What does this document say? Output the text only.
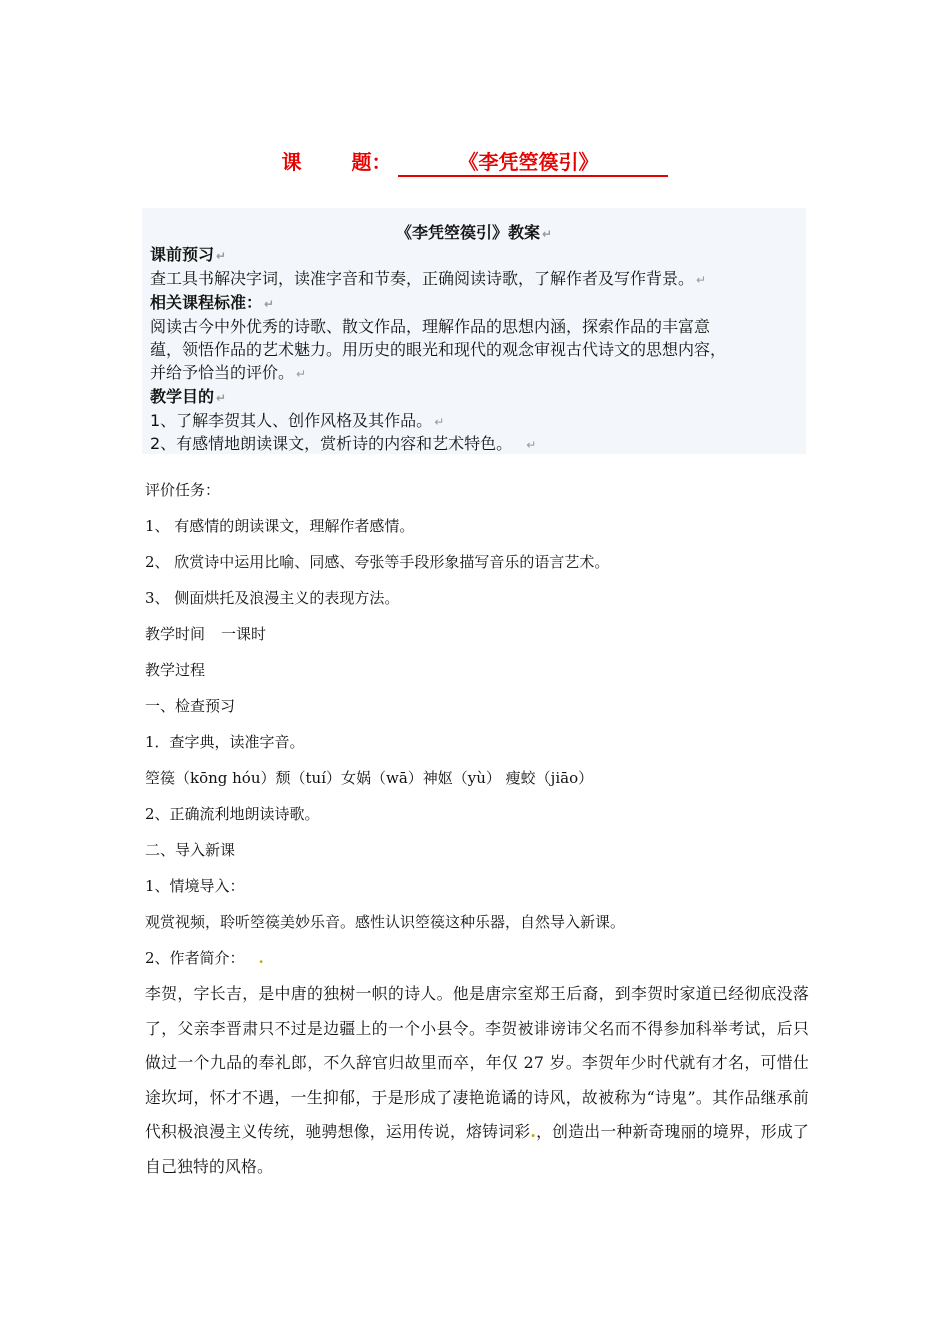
课	题：	《李凭箜篌引》
《李凭箜篌引》教案 ↵
课前预习 ↵
查工具书解决字词，读准字音和节奏，正确阅读诗歌，了解作者及写作背景。 ↵
相关课程标准： ↵
阅读古今中外优秀的诗歌、散文作品，理解作品的思想内涵，探索作品的丰富意
蕴，领悟作品的艺术魅力。用历史的眼光和现代的观念审视古代诗文的思想内容，
并给予恰当的评价。 ↵
教学目的 ↵
1、了解李贺其人、创作风格及其作品。 ↵
2、有感情地朗读课文，赏析诗的内容和艺术特色。 ↵
评价任务：
1、 有感情的朗读课文，理解作者感情。
2、 欣赏诗中运用比喻、同感、夸张等手段形象描写音乐的语言艺术。
3、 侧面烘托及浪漫主义的表现方法。
教学时间 一课时
教学过程
一、检查预习
1．查字典，读准字音。
箜篌（kōng hóu）颓（tuí）女娲（wā）神妪（yù） 瘦蛟（jiāo）
2、正确流利地朗读诗歌。
二、导入新课
1、情境导入：
观赏视频，聆听箜篌美妙乐音。感性认识箜篌这种乐器，自然导入新课。
2、作者简介： .
李贺，字长吉，是中唐的独树一帜的诗人。他是唐宗室郑王后裔，到李贺时家道已经彻底没落了，父亲李晋肃只不过是边疆上的一个小县令。李贺被诽谤讳父名而不得参加科举考试，后只做过一个九品的奉礼郎，不久辞官归故里而卒，年仅 27 岁。李贺年少时代就有才名，可惜仕途坎坷，怀才不遇，一生抑郁，于是形成了凄艳诡谲的诗风，故被称为“诗鬼”。其作品继承前代积极浪漫主义传统，驰骋想像，运用传说，熔铸词彩.，创造出一种新奇瑰丽的境界，形成了自己独特的风格。
